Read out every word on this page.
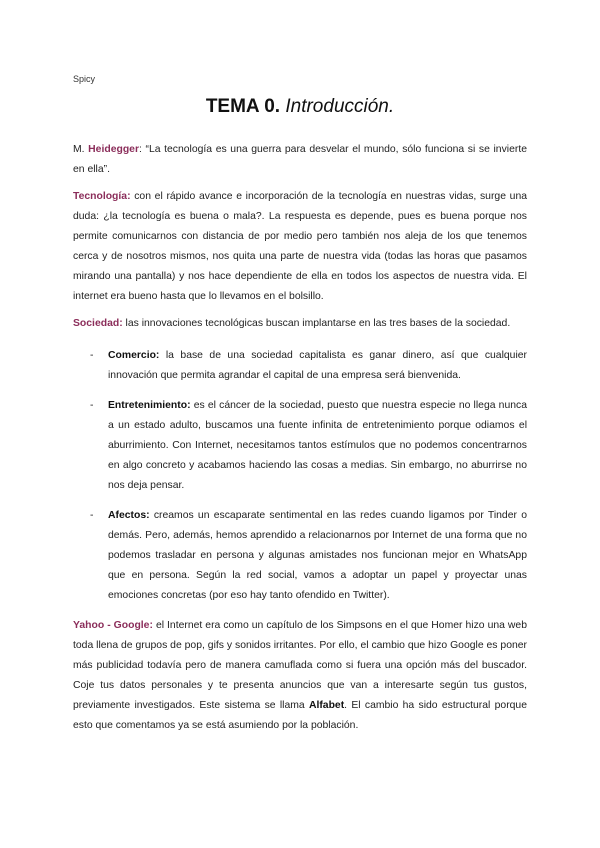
Spicy
TEMA 0. Introducción.

M. Heidegger: “La tecnología es una guerra para desvelar el mundo, sólo funciona si se invierte en ella”.

Tecnología: con el rápido avance e incorporación de la tecnología en nuestras vidas, surge una duda: ¿la tecnología es buena o mala?. La respuesta es depende, pues es buena porque nos permite comunicarnos con distancia de por medio pero también nos aleja de los que tenemos cerca y de nosotros mismos, nos quita una parte de nuestra vida (todas las horas que pasamos mirando una pantalla) y nos hace dependiente de ella en todos los aspectos de nuestra vida. El internet era bueno hasta que lo llevamos en el bolsillo.

Sociedad: las innovaciones tecnológicas buscan implantarse en las tres bases de la sociedad.

- Comercio: la base de una sociedad capitalista es ganar dinero, así que cualquier innovación que permita agrandar el capital de una empresa será bienvenida.
- Entretenimiento: es el cáncer de la sociedad, puesto que nuestra especie no llega nunca a un estado adulto, buscamos una fuente infinita de entretenimiento porque odiamos el aburrimiento. Con Internet, necesitamos tantos estímulos que no podemos concentrarnos en algo concreto y acabamos haciendo las cosas a medias. Sin embargo, no aburrirse no nos deja pensar.
- Afectos: creamos un escaparate sentimental en las redes cuando ligamos por Tinder o demás. Pero, además, hemos aprendido a relacionarnos por Internet de una forma que no podemos trasladar en persona y algunas amistades nos funcionan mejor en WhatsApp que en persona. Según la red social, vamos a adoptar un papel y proyectar unas emociones concretas (por eso hay tanto ofendido en Twitter).

Yahoo - Google: el Internet era como un capítulo de los Simpsons en el que Homer hizo una web toda llena de grupos de pop, gifs y sonidos irritantes. Por ello, el cambio que hizo Google es poner más publicidad todavía pero de manera camuflada como si fuera una opción más del buscador. Coje tus datos personales y te presenta anuncios que van a interesarte según tus gustos, previamente investigados. Este sistema se llama Alfabet. El cambio ha sido estructural porque esto que comentamos ya se está asumiendo por la población.
